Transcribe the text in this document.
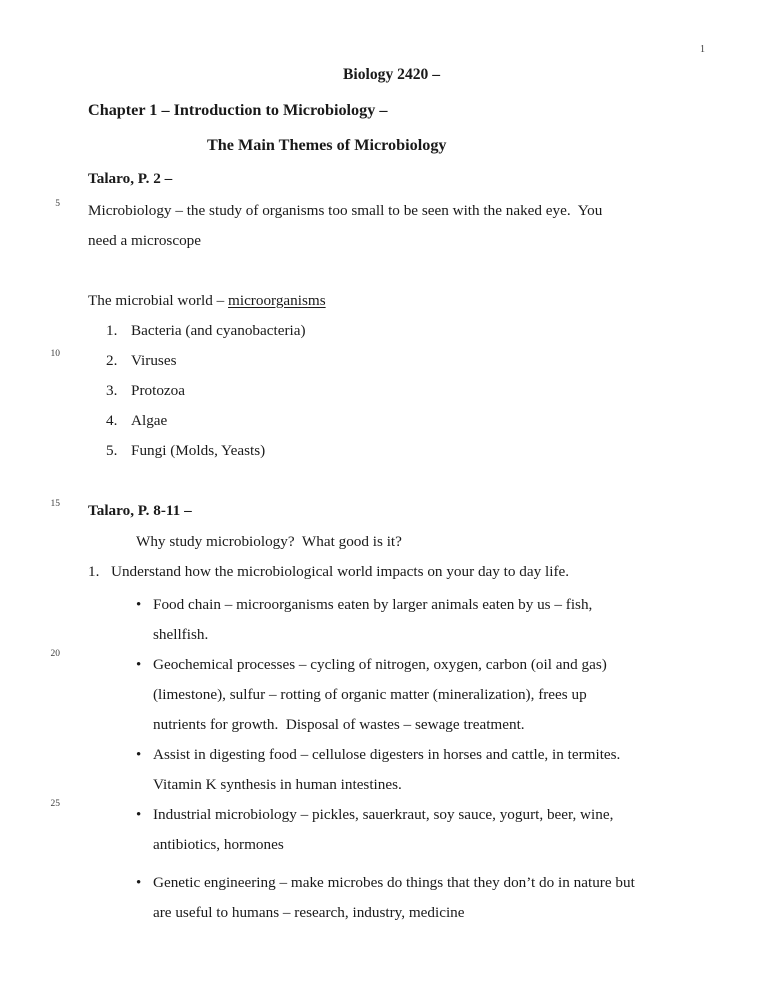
1
5
10
15
20
25
Biology 2420 –
Chapter 1 – Introduction to Microbiology –
The Main Themes of Microbiology
Talaro, P. 2 –
Microbiology – the study of organisms too small to be seen with the naked eye.  You
need a microscope
The microbial world – microorganisms
1. Bacteria (and cyanobacteria)
2. Viruses
3. Protozoa
4. Algae
5. Fungi (Molds, Yeasts)
Talaro, P. 8-11 –
Why study microbiology?  What good is it?
1. Understand how the microbiological world impacts on your day to day life.
• Food chain – microorganisms eaten by larger animals eaten by us – fish,
shellfish.
• Geochemical processes – cycling of nitrogen, oxygen, carbon (oil and gas)
(limestone), sulfur – rotting of organic matter (mineralization), frees up
nutrients for growth.  Disposal of wastes – sewage treatment.
• Assist in digesting food – cellulose digesters in horses and cattle, in termites.
Vitamin K synthesis in human intestines.
• Industrial microbiology – pickles, sauerkraut, soy sauce, yogurt, beer, wine,
antibiotics, hormones
• Genetic engineering – make microbes do things that they don’t do in nature but
are useful to humans – research, industry, medicine
